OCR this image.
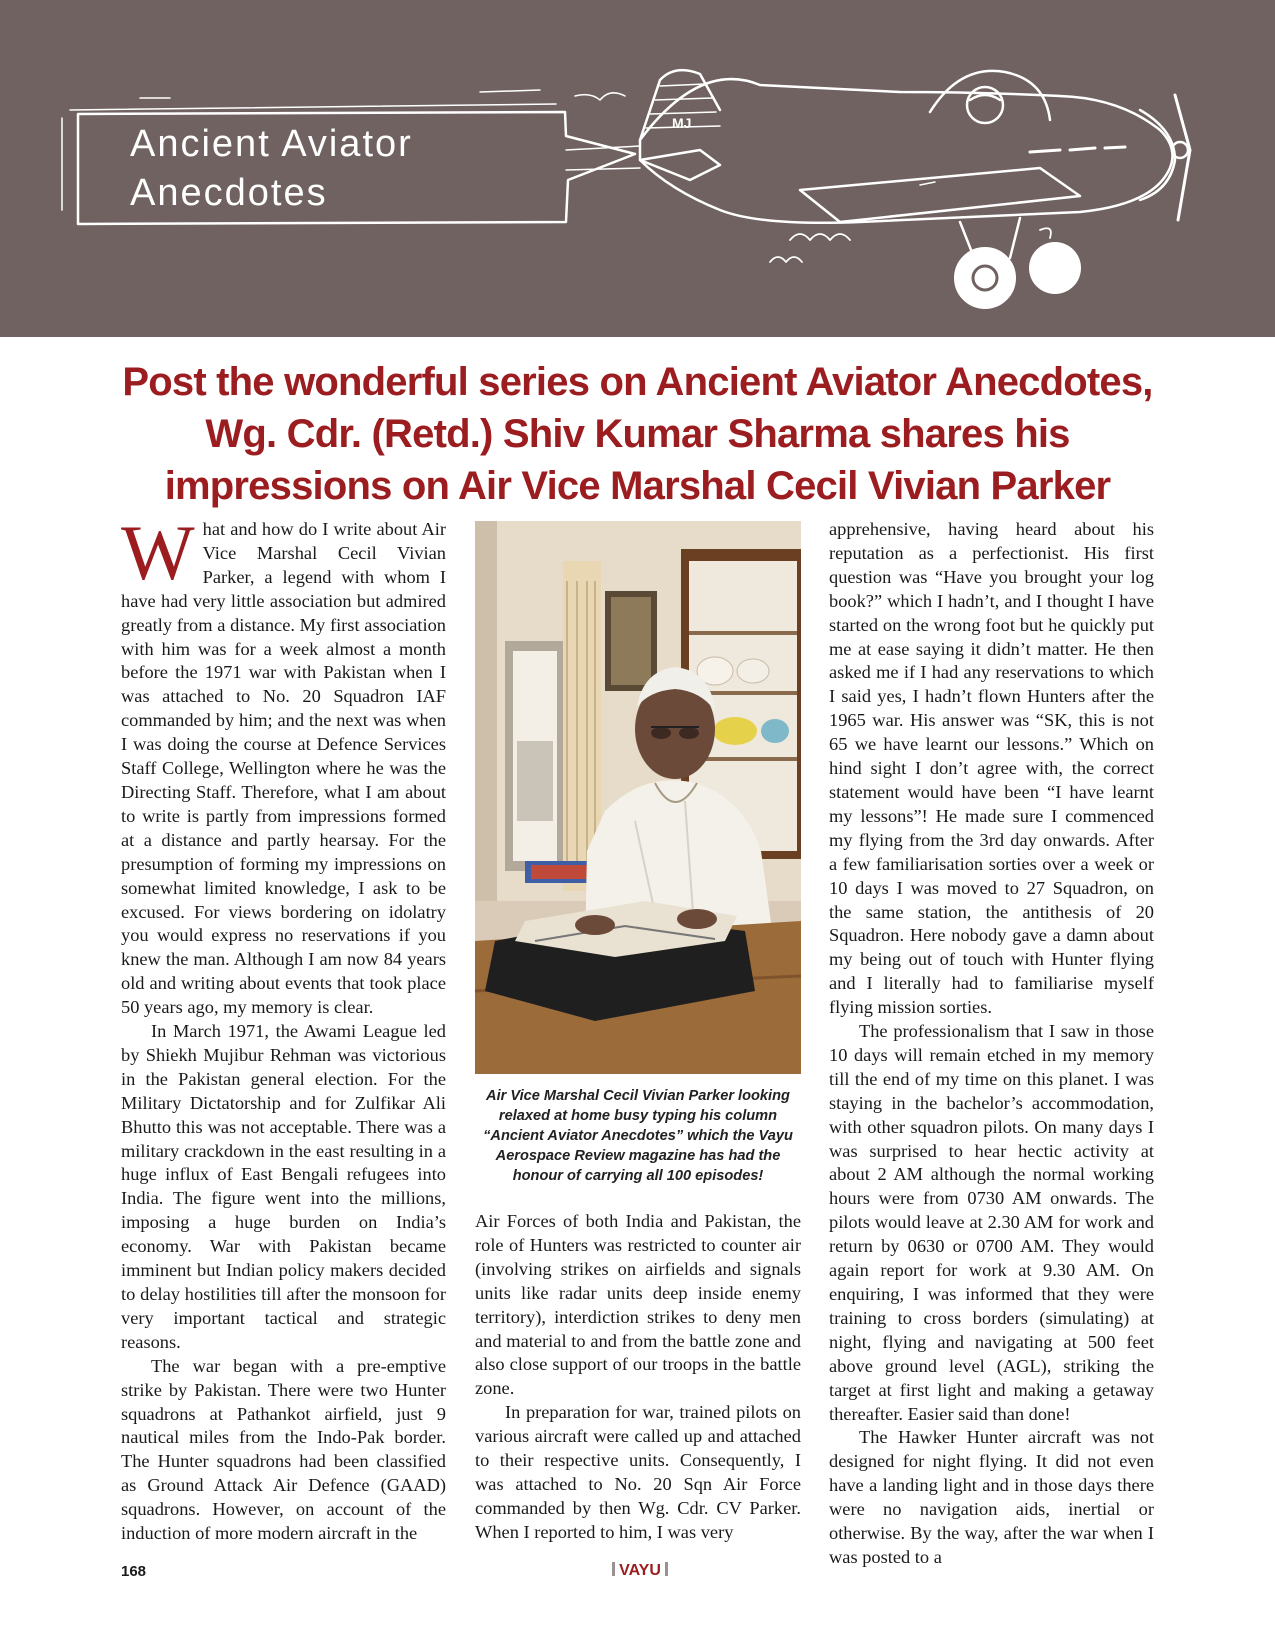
MJ
Ancient Aviator
Anecdotes
Post the wonderful series on Ancient Aviator Anecdotes,
Wg. Cdr. (Retd.) Shiv Kumar Sharma shares his
impressions on Air Vice Marshal Cecil Vivian Parker
W hat and how do I write about Air Vice Marshal Cecil Vivian Parker, a legend with whom I have had very little association but admired greatly from a distance. My first association with him was for a week almost a month before the 1971 war with Pakistan when I was attached to No. 20 Squadron IAF commanded by him; and the next was when I was doing the course at Defence Services Staff College, Wellington where he was the Directing Staff. Therefore, what I am about to write is partly from impressions formed at a distance and partly hearsay. For the presumption of forming my impressions on somewhat limited knowledge, I ask to be excused. For views bordering on idolatry you would express no reservations if you knew the man. Although I am now 84 years old and writing about events that took place 50 years ago, my memory is clear.

In March 1971, the Awami League led by Shiekh Mujibur Rehman was victorious in the Pakistan general election. For the Military Dictatorship and for Zulfikar Ali Bhutto this was not acceptable. There was a military crackdown in the east resulting in a huge influx of East Bengali refugees into India. The figure went into the millions, imposing a huge burden on India’s economy. War with Pakistan became imminent but Indian policy makers decided to delay hostilities till after the monsoon for very important tactical and strategic reasons.

The war began with a pre-emptive strike by Pakistan. There were two Hunter squadrons at Pathankot airfield, just 9 nautical miles from the Indo-Pak border. The Hunter squadrons had been classified as Ground Attack Air Defence (GAAD) squadrons. However, on account of the induction of more modern aircraft in the

Air Vice Marshal Cecil Vivian Parker looking relaxed at home busy typing his column “Ancient Aviator Anecdotes” which the Vayu Aerospace Review magazine has had the honour of carrying all 100 episodes!

Air Forces of both India and Pakistan, the role of Hunters was restricted to counter air (involving strikes on airfields and signals units like radar units deep inside enemy territory), interdiction strikes to deny men and material to and from the battle zone and also close support of our troops in the battle zone.

In preparation for war, trained pilots on various aircraft were called up and attached to their respective units. Consequently, I was attached to No. 20 Sqn Air Force commanded by then Wg. Cdr. CV Parker. When I reported to him, I was very

apprehensive, having heard about his reputation as a perfectionist. His first question was “Have you brought your log book?” which I hadn’t, and I thought I have started on the wrong foot but he quickly put me at ease saying it didn’t matter. He then asked me if I had any reservations to which I said yes, I hadn’t flown Hunters after the 1965 war. His answer was “SK, this is not 65 we have learnt our lessons.” Which on hind sight I don’t agree with, the correct statement would have been “I have learnt my lessons”! He made sure I commenced my flying from the 3rd day onwards. After a few familiarisation sorties over a week or 10 days I was moved to 27 Squadron, on the same station, the antithesis of 20 Squadron. Here nobody gave a damn about my being out of touch with Hunter flying and I literally had to familiarise myself flying mission sorties.

The professionalism that I saw in those 10 days will remain etched in my memory till the end of my time on this planet. I was staying in the bachelor’s accommodation, with other squadron pilots. On many days I was surprised to hear hectic activity at about 2 AM although the normal working hours were from 0730 AM onwards. The pilots would leave at 2.30 AM for work and return by 0630 or 0700 AM. They would again report for work at 9.30 AM. On enquiring, I was informed that they were training to cross borders (simulating) at night, flying and navigating at 500 feet above ground level (AGL), striking the target at first light and making a getaway thereafter. Easier said than done!

The Hawker Hunter aircraft was not designed for night flying. It did not even have a landing light and in those days there were no navigation aids, inertial or otherwise. By the way, after the war when I was posted to a

168	VAYU
